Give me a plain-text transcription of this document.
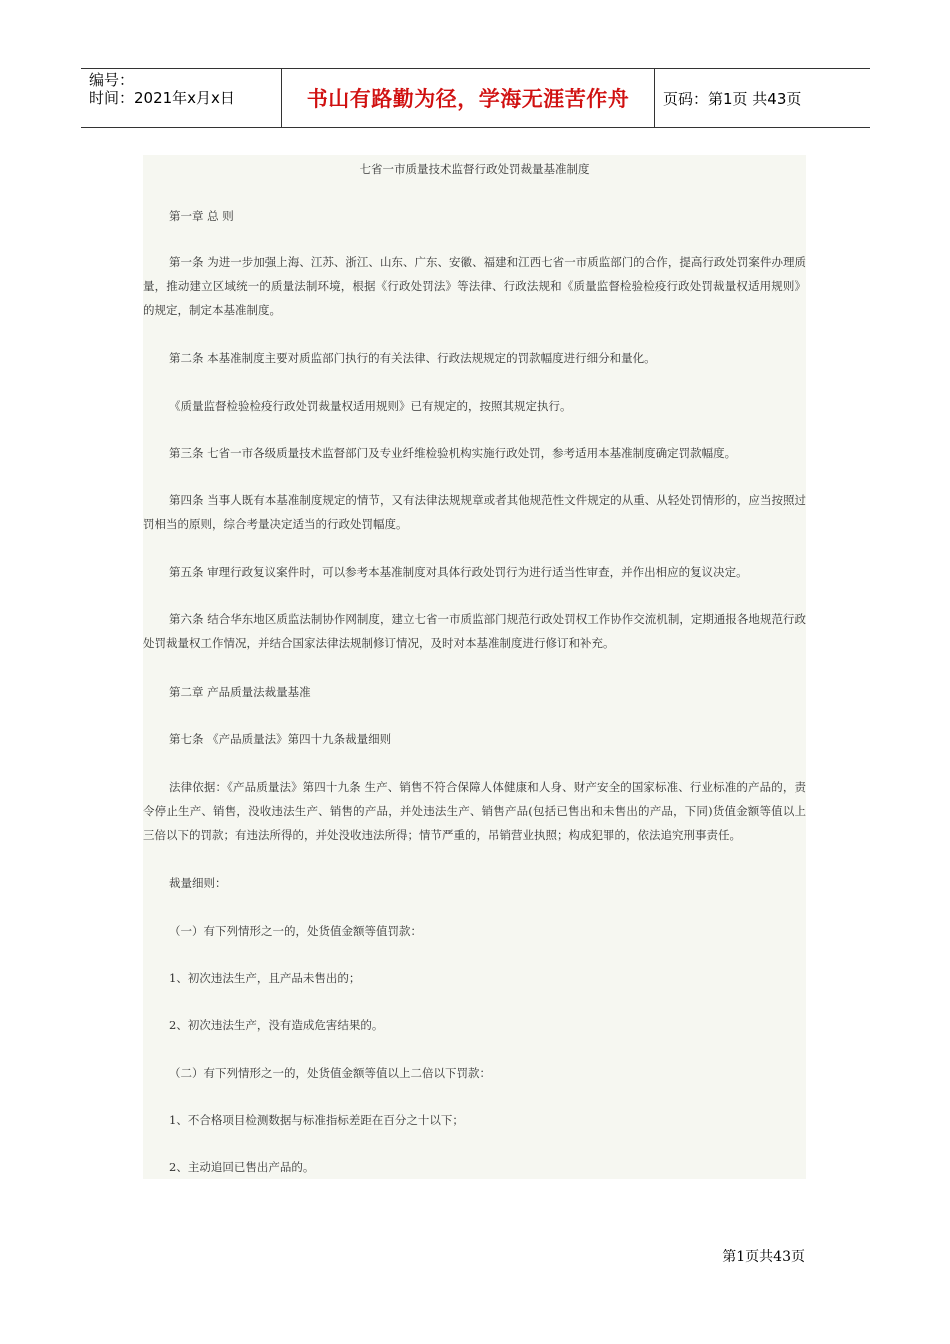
编号：
时间：2021年x月x日	书山有路勤为径，学海无涯苦作舟	页码：第1页 共43页
七省一市质量技术监督行政处罚裁量基准制度

第一章 总 则

第一条 为进一步加强上海、江苏、浙江、山东、广东、安徽、福建和江西七省一市质监部门的合作，提高行政处罚案件办理质量，推动建立区域统一的质量法制环境，根据《行政处罚法》等法律、行政法规和《质量监督检验检疫行政处罚裁量权适用规则》的规定，制定本基准制度。

第二条 本基准制度主要对质监部门执行的有关法律、行政法规规定的罚款幅度进行细分和量化。

《质量监督检验检疫行政处罚裁量权适用规则》已有规定的，按照其规定执行。

第三条 七省一市各级质量技术监督部门及专业纤维检验机构实施行政处罚，参考适用本基准制度确定罚款幅度。

第四条 当事人既有本基准制度规定的情节，又有法律法规规章或者其他规范性文件规定的从重、从轻处罚情形的，应当按照过罚相当的原则，综合考量决定适当的行政处罚幅度。

第五条 审理行政复议案件时，可以参考本基准制度对具体行政处罚行为进行适当性审查，并作出相应的复议决定。

第六条 结合华东地区质监法制协作网制度，建立七省一市质监部门规范行政处罚权工作协作交流机制，定期通报各地规范行政处罚裁量权工作情况，并结合国家法律法规制修订情况，及时对本基准制度进行修订和补充。

第二章 产品质量法裁量基准

第七条 《产品质量法》第四十九条裁量细则

法律依据：《产品质量法》第四十九条 生产、销售不符合保障人体健康和人身、财产安全的国家标准、行业标准的产品的，责令停止生产、销售，没收违法生产、销售的产品，并处违法生产、销售产品(包括已售出和未售出的产品，下同)货值金额等值以上三倍以下的罚款；有违法所得的，并处没收违法所得；情节严重的，吊销营业执照；构成犯罪的，依法追究刑事责任。

裁量细则：

（一）有下列情形之一的，处货值金额等值罚款：

1、初次违法生产，且产品未售出的；

2、初次违法生产，没有造成危害结果的。

（二）有下列情形之一的，处货值金额等值以上二倍以下罚款：

1、不合格项目检测数据与标准指标差距在百分之十以下；

2、主动追回已售出产品的。

第1页共43页
